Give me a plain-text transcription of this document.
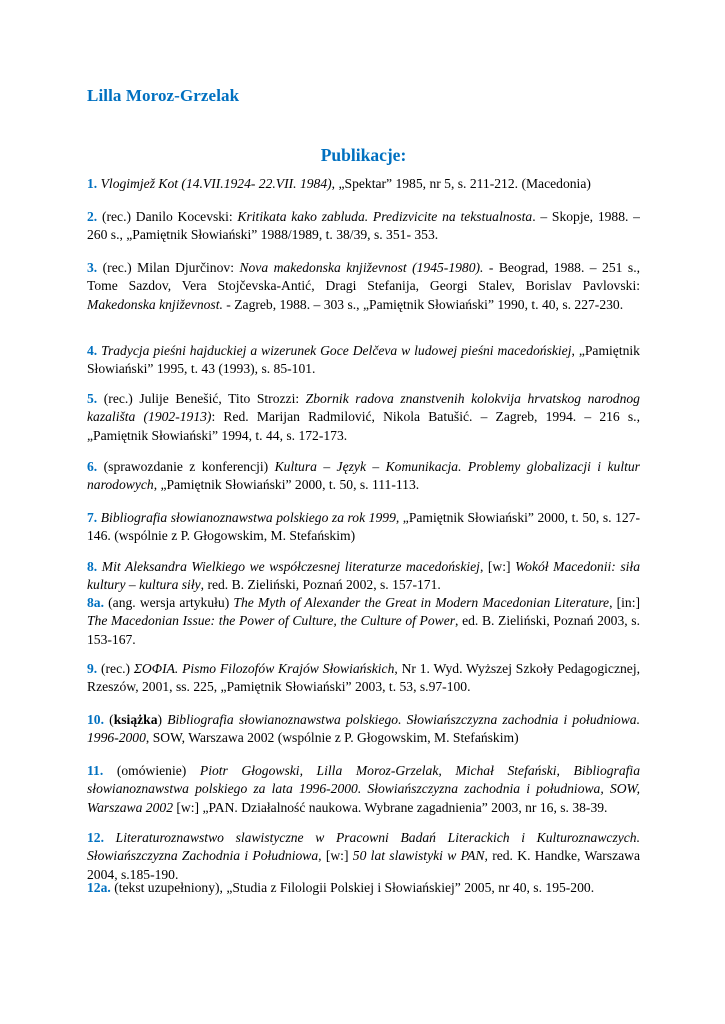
Lilla Moroz-Grzelak
Publikacje:
1. Vlogimjež Kot (14.VII.1924- 22.VII. 1984), „Spektar” 1985, nr 5, s. 211-212. (Macedonia)
2. (rec.) Danilo Kocevski: Kritikata kako zabluda. Predizvicite na tekstualnosta. – Skopje, 1988. – 260 s., „Pamiętnik Słowiański” 1988/1989, t. 38/39, s. 351- 353.
3. (rec.) Milan Djurčinov: Nova makedonska književnost (1945-1980). - Beograd, 1988. – 251 s., Tome Sazdov, Vera Stojčevska-Antić, Dragi Stefanija, Georgi Stalev, Borislav Pavlovski: Makedonska književnost. - Zagreb, 1988. – 303 s., „Pamiętnik Słowiański” 1990, t. 40, s. 227-230.
4. Tradycja pieśni hajduckiej a wizerunek Goce Delčeva w ludowej pieśni macedońskiej, „Pamiętnik Słowiański” 1995, t. 43 (1993), s. 85-101.
5. (rec.) Julije Benešić, Tito Strozzi: Zbornik radova znanstvenih kolokvija hrvatskog narodnog kazališta (1902-1913): Red. Marijan Radmilović, Nikola Batušić. – Zagreb, 1994. – 216 s., „Pamiętnik Słowiański” 1994, t. 44, s. 172-173.
6. (sprawozdanie z konferencji) Kultura – Język – Komunikacja. Problemy globalizacji i kultur narodowych, „Pamiętnik Słowiański” 2000, t. 50, s. 111-113.
7. Bibliografia słowianoznawstwa polskiego za rok 1999, „Pamiętnik Słowiański” 2000, t. 50, s. 127-146. (wspólnie z P. Głogowskim, M. Stefańskim)
8. Mit Aleksandra Wielkiego we współczesnej literaturze macedońskiej, [w:] Wokół Macedonii: siła kultury – kultura siły, red. B. Zieliński, Poznań 2002, s. 157-171.
8a. (ang. wersja artykułu) The Myth of Alexander the Great in Modern Macedonian Literature, [in:] The Macedonian Issue: the Power of Culture, the Culture of Power, ed. B. Zieliński, Poznań 2003, s. 153-167.
9. (rec.) ΣΟΦΙΑ. Pismo Filozofów Krajów Słowiańskich, Nr 1. Wyd. Wyższej Szkoły Pedagogicznej, Rzeszów, 2001, ss. 225, „Pamiętnik Słowiański” 2003, t. 53, s.97-100.
10. (książka) Bibliografia słowianoznawstwa polskiego. Słowiańszczyzna zachodnia i południowa. 1996-2000, SOW, Warszawa 2002 (wspólnie z P. Głogowskim, M. Stefańskim)
11. (omówienie) Piotr Głogowski, Lilla Moroz-Grzelak, Michał Stefański, Bibliografia słowianoznawstwa polskiego za lata 1996-2000. Słowiańszczyzna zachodnia i południowa, SOW, Warszawa 2002 [w:] „PAN. Działalność naukowa. Wybrane zagadnienia” 2003, nr 16, s. 38-39.
12. Literaturoznawstwo slawistyczne w Pracowni Badań Literackich i Kulturoznawczych. Słowiańszczyzna Zachodnia i Południowa, [w:] 50 lat slawistyki w PAN, red. K. Handke, Warszawa 2004, s.185-190.
12a. (tekst uzupełniony), „Studia z Filologii Polskiej i Słowiańskiej” 2005, nr 40, s. 195-200.
